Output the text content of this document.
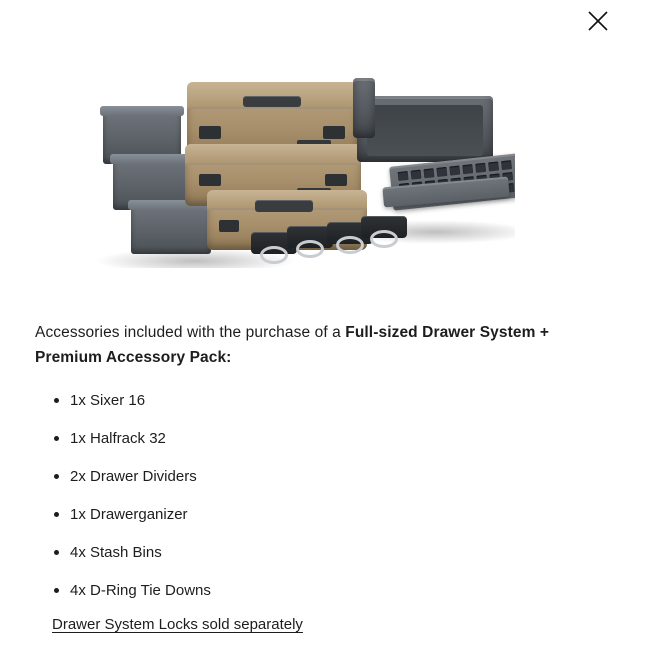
Accessories included with the purchase of a Full-sized Drawer System + Premium Accessory Pack:

1x Sixer 16
1x Halfrack 32
2x Drawer Dividers
1x Drawerganizer
4x Stash Bins
4x D-Ring Tie Downs
Drawer System Locks sold separately
